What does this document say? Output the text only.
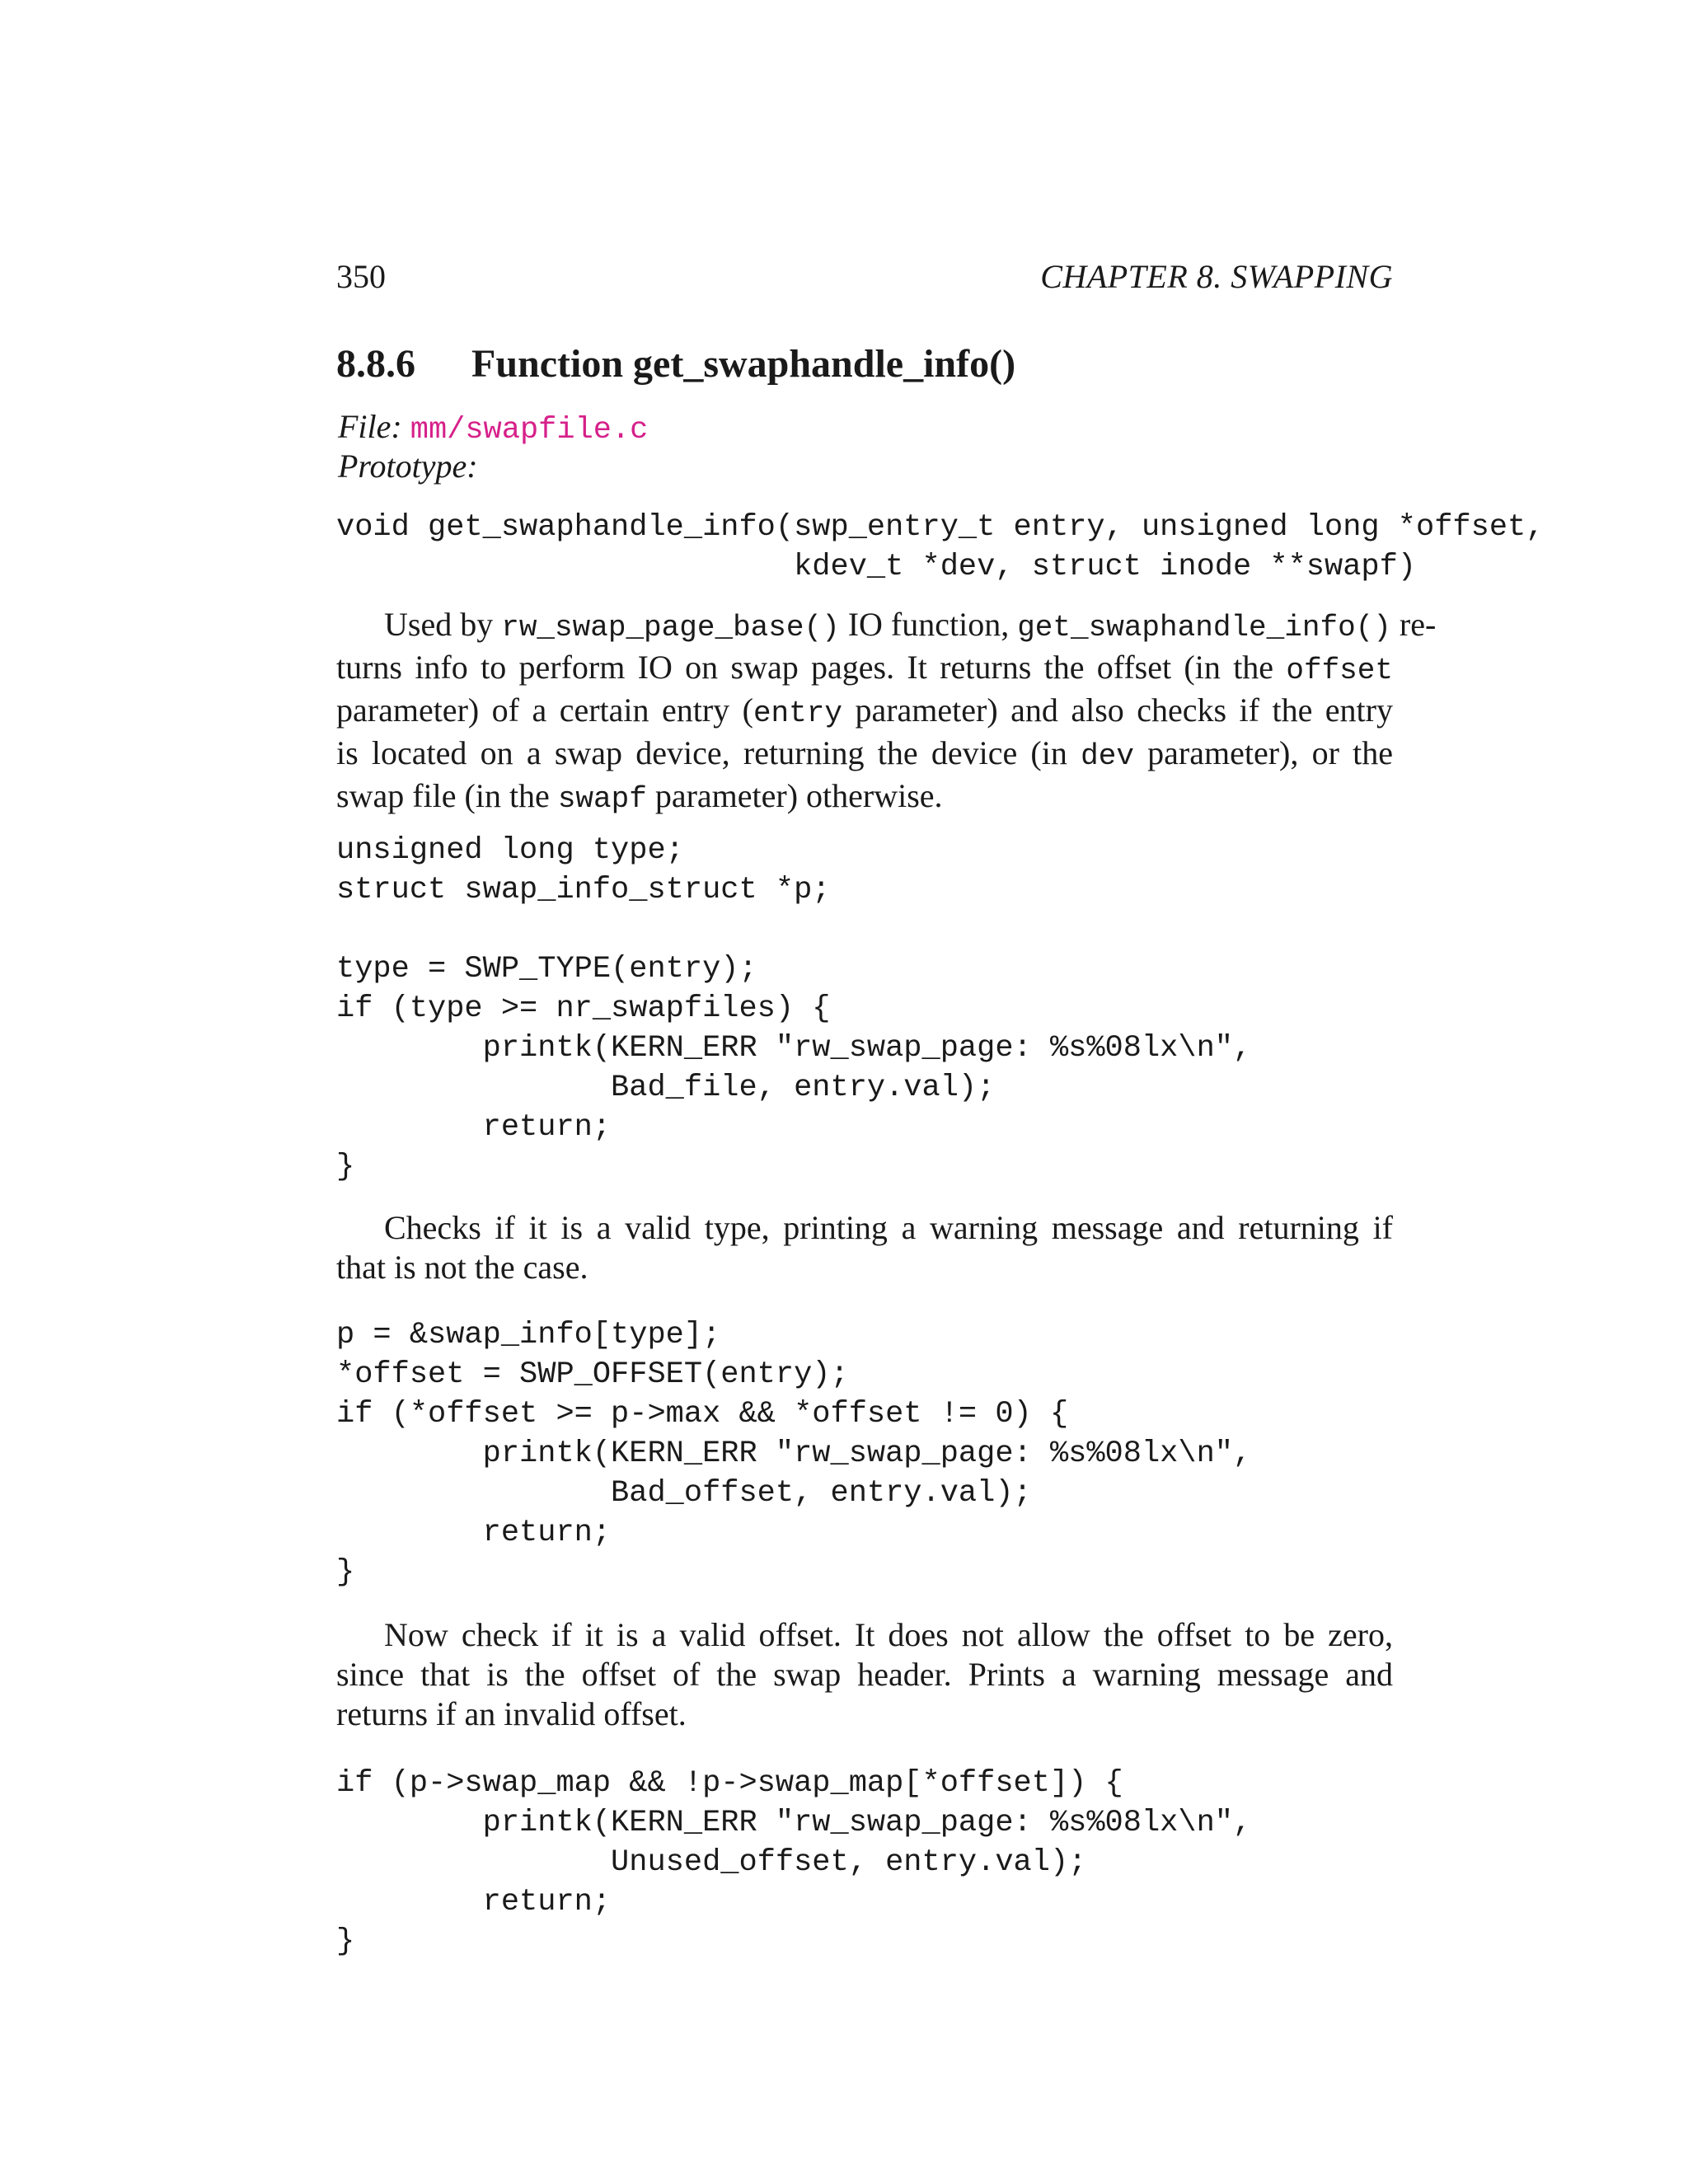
350	CHAPTER 8. SWAPPING
8.8.6 Function get_swaphandle_info()
File: mm/swapfile.c
Prototype:
void get_swaphandle_info(swp_entry_t entry, unsigned long *offset,
kdev_t *dev, struct inode **swapf)
Used by rw_swap_page_base() IO function, get_swaphandle_info() re-
turns info to perform IO on swap pages. It returns the offset (in the offset
parameter) of a certain entry (entry parameter) and also checks if the entry
is located on a swap device, returning the device (in dev parameter), or the
swap file (in the swapf parameter) otherwise.
unsigned long type;
struct swap_info_struct *p;

type = SWP_TYPE(entry);
if (type >= nr_swapfiles) {
printk(KERN_ERR "rw_swap_page: %s%08lx\n",
Bad_file, entry.val);
return;
}
Checks if it is a valid type, printing a warning message and returning if
that is not the case.
p = &swap_info[type];
*offset = SWP_OFFSET(entry);
if (*offset >= p->max && *offset != 0) {
printk(KERN_ERR "rw_swap_page: %s%08lx\n",
Bad_offset, entry.val);
return;
}
Now check if it is a valid offset. It does not allow the offset to be zero,
since that is the offset of the swap header. Prints a warning message and
returns if an invalid offset.
if (p->swap_map && !p->swap_map[*offset]) {
printk(KERN_ERR "rw_swap_page: %s%08lx\n",
Unused_offset, entry.val);
return;
}
